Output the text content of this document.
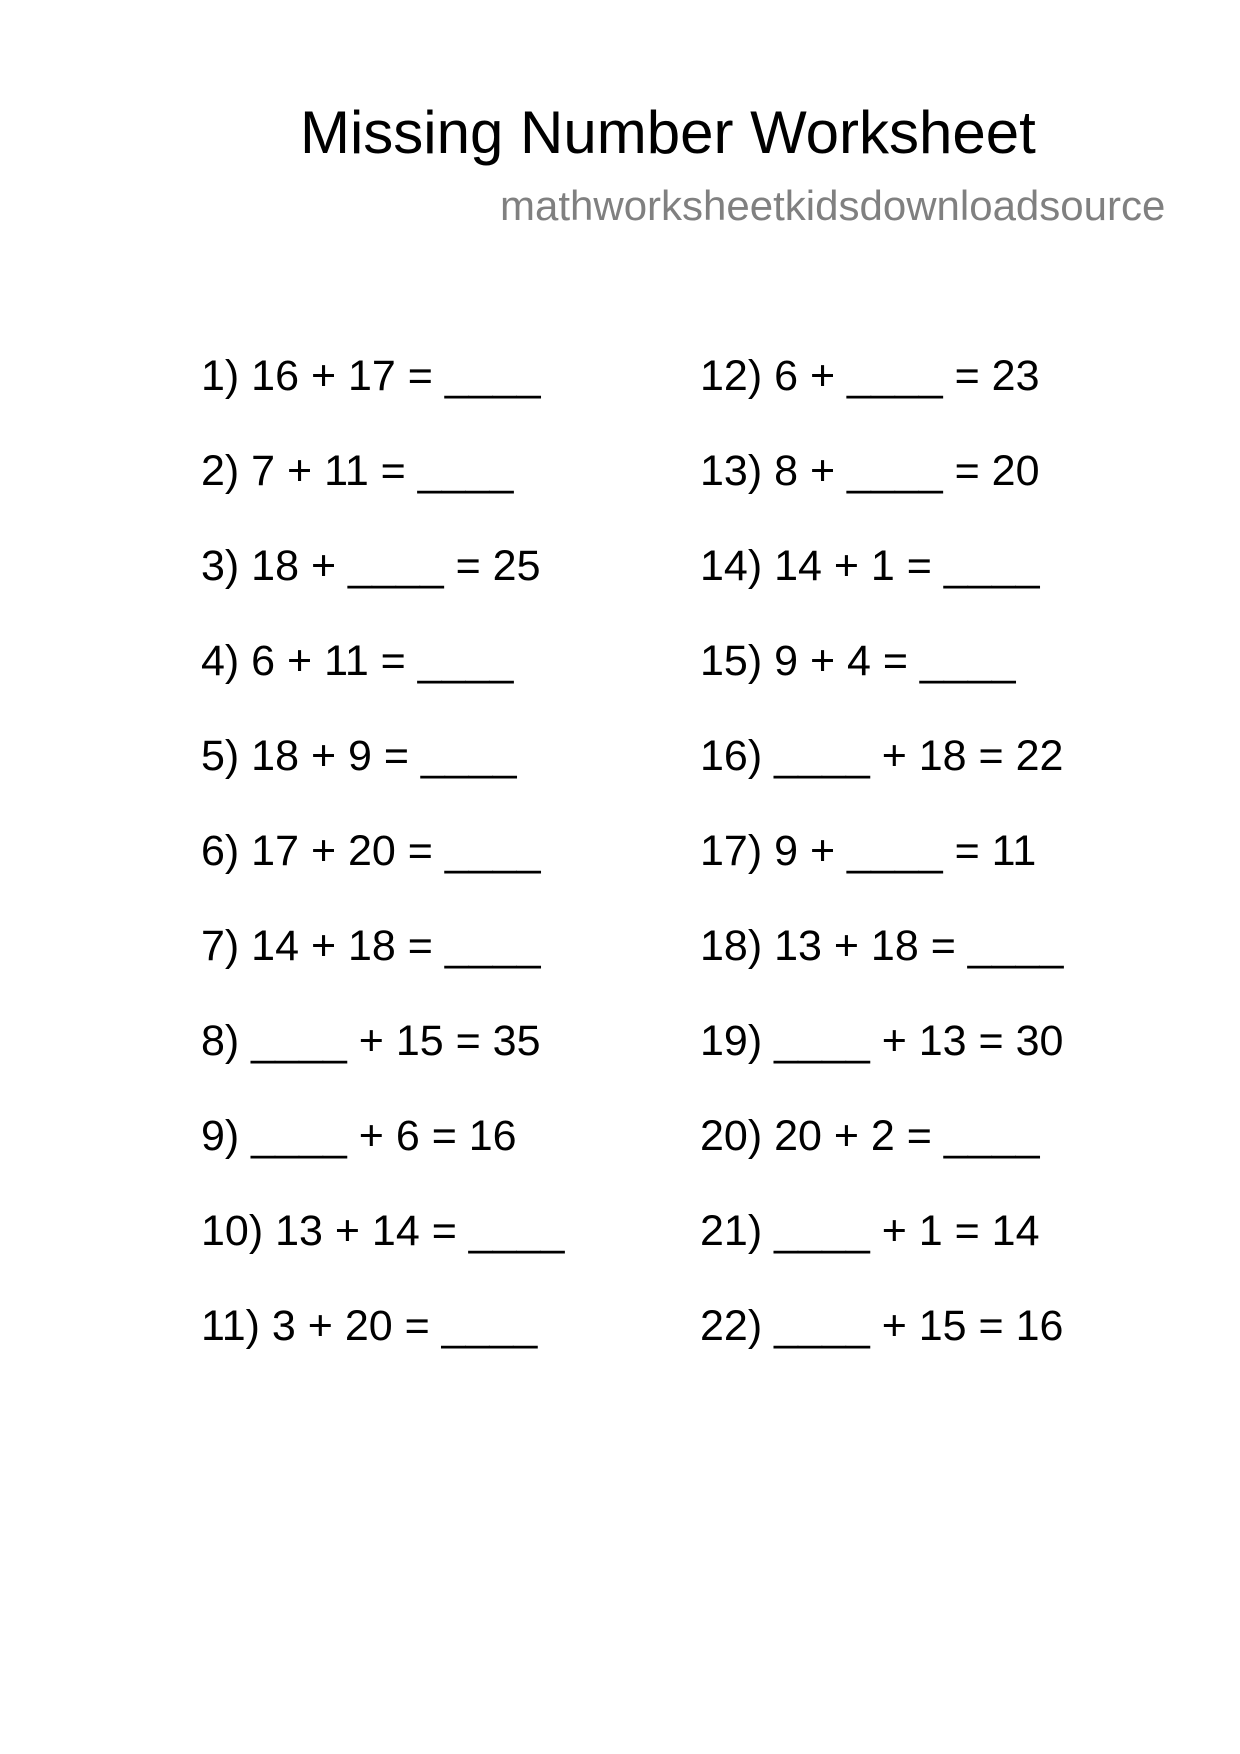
Missing Number Worksheet
mathworksheetkidsdownloadsource
1) 16 + 17 = ____
2) 7 + 11 = ____
3) 18 + ____ = 25
4) 6 + 11 = ____
5) 18 + 9 = ____
6) 17 + 20 = ____
7) 14 + 18 = ____
8) ____ + 15 = 35
9) ____ + 6 = 16
10) 13 + 14 = ____
11) 3 + 20 = ____
12) 6 + ____ = 23
13) 8 + ____ = 20
14) 14 + 1 = ____
15) 9 + 4 = ____
16) ____ + 18 = 22
17) 9 + ____ = 11
18) 13 + 18 = ____
19) ____ + 13 = 30
20) 20 + 2 = ____
21) ____ + 1 = 14
22) ____ + 15 = 16
